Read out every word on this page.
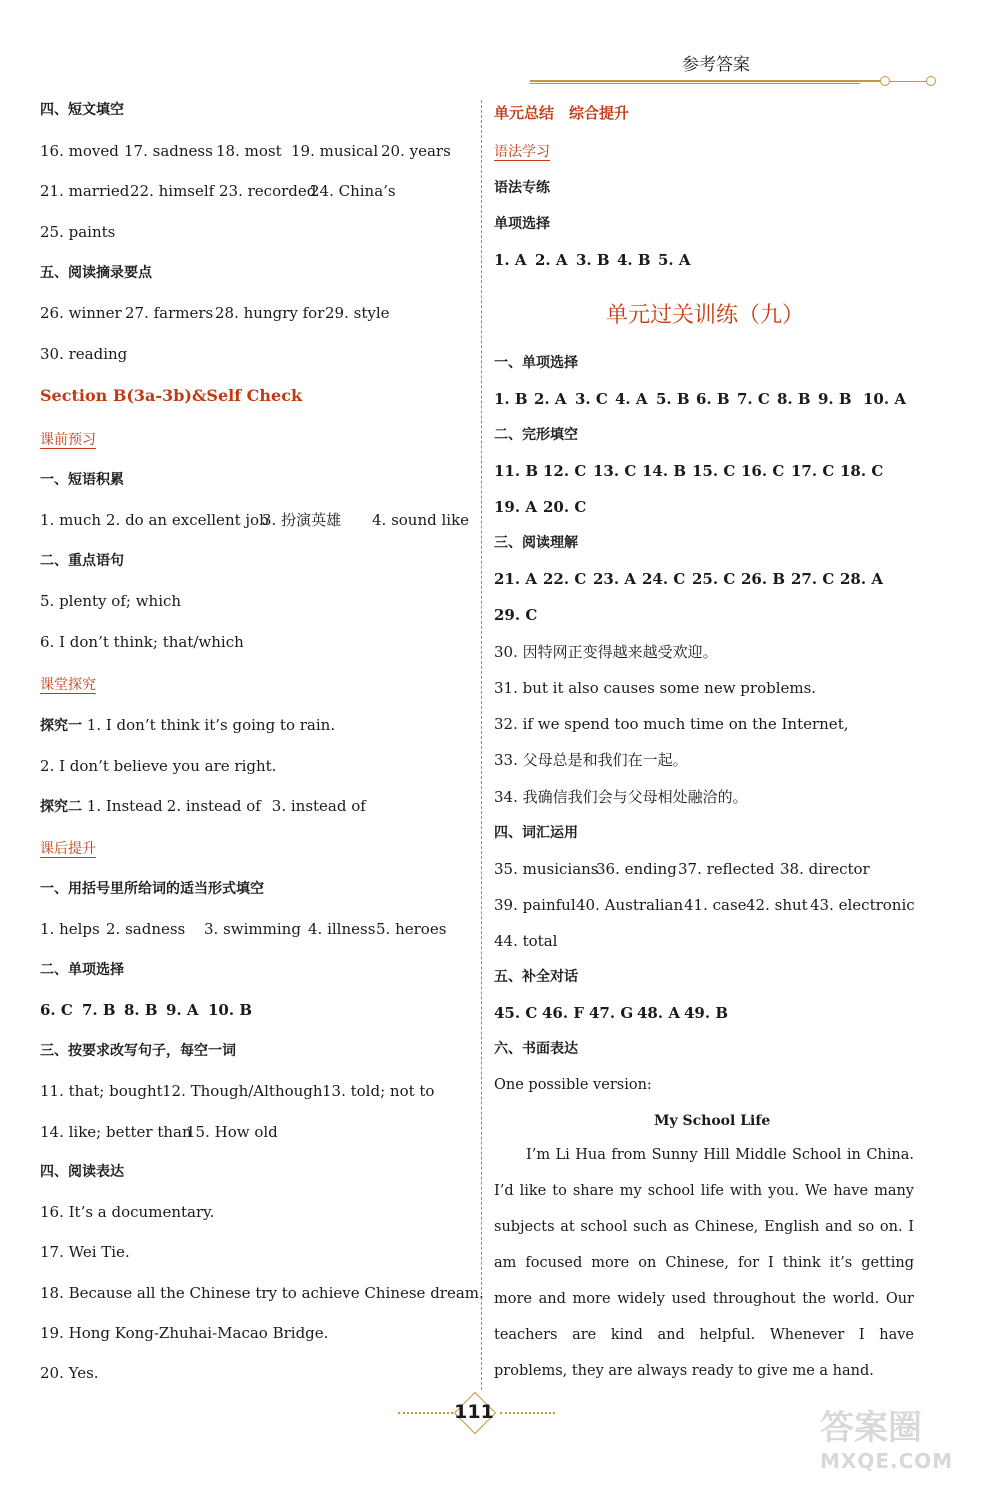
参考答案
四、短文填空
16. moved 17. sadness 18. most 19. musical 20. years
21. married22. himself 23. recorded24. China’s
25. paints
五、阅读摘录要点
26. winner 27. farmers 28. hungry for29. style
30. reading
Section B(3a-3b)&Self Check
课前预习
一、短语积累
1. much 2. do an excellent job3. 扮演英雄 4. sound like
二、重点语句
5. plenty of; which
6. I don’t think; that/which
课堂探究
探究一 1. I don’t think it’s going to rain.
2. I don’t believe you are right.
探究二 1. Instead 2. instead of 3. instead of
课后提升
一、用括号里所给词的适当形式填空
1. helps 2. sadness 3. swimming 4. illness5. heroes
二、单项选择
6. C 7. B 8. B 9. A 10. B
三、按要求改写句子，每空一词
11. that; bought12. Though/Although13. told; not to
14. like; better than15. How old
四、阅读表达
16. It’s a documentary.
17. Wei Tie.
18. Because all the Chinese try to achieve Chinese dream.
19. Hong Kong-Zhuhai-Macao Bridge.
20. Yes.
单元总结　综合提升
语法学习
语法专练
单项选择
1. A 2. A 3. B 4. B 5. A
单元过关训练（九）
一、单项选择
1. B 2. A 3. C 4. A 5. B 6. B 7. C 8. B 9. B 10. A
二、完形填空
11. B 12. C 13. C 14. B 15. C 16. C 17. C 18. C
19. A 20. C
三、阅读理解
21. A 22. C 23. A 24. C 25. C 26. B 27. C 28. A
29. C
30. 因特网正变得越来越受欢迎。
31. but it also causes some new problems.
32. if we spend too much time on the Internet,
33. 父母总是和我们在一起。
34. 我确信我们会与父母相处融洽的。
四、词汇运用
35. musicians36. ending37. reflected 38. director
39. painful40. Australian41. case42. shut 43. electronic
44. total
五、补全对话
45. C 46. F 47. G 48. A 49. B
六、书面表达
One possible version:
My School Life
I’m Li Hua from Sunny Hill Middle School in China. I’d like to share my school life with you. We have many subjects at school such as Chinese, English and so on. I am focused more on Chinese, for I think it’s getting more and more widely used throughout the world. Our teachers are kind and helpful. Whenever I have problems, they are always ready to give me a hand.
111	答案圈
MXQE.COM
